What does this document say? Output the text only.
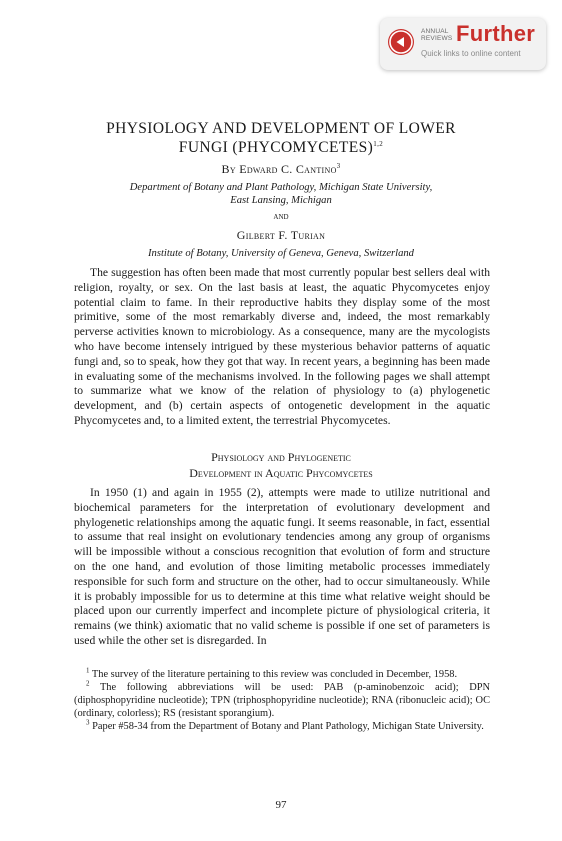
ANNUAL
REVIEWS Further
Quick links to online content
PHYSIOLOGY AND DEVELOPMENT OF LOWER
FUNGI (PHYCOMYCETES)$^{1,2}$
By Edward C. Cantino$^3$
Department of Botany and Plant Pathology, Michigan State University,
East Lansing, Michigan
and
Gilbert F. Turian
Institute of Botany, University of Geneva, Geneva, Switzerland

The suggestion has often been made that most currently popular best sellers deal with religion, royalty, or sex. On the last basis at least, the aquatic Phycomycetes enjoy potential claim to fame. In their reproductive habits they display some of the most primitive, some of the most remarkably diverse and, indeed, the most remarkably perverse activities known to microbiology. As a consequence, many are the mycologists who have become intensely intrigued by these mysterious behavior patterns of aquatic fungi and, so to speak, how they got that way. In recent years, a beginning has been made in evaluating some of the mechanisms involved. In the following pages we shall attempt to summarize what we know of the relation of physiology to (a) phylogenetic development, and (b) certain aspects of ontogenetic development in the aquatic Phycomycetes and, to a limited extent, the terrestrial Phycomycetes.

Physiology and Phylogenetic
Development in Aquatic Phycomycetes

In 1950 (1) and again in 1955 (2), attempts were made to utilize nutritional and biochemical parameters for the interpretation of evolutionary development and phylogenetic relationships among the aquatic fungi. It seems reasonable, in fact, essential to assume that real insight on evolutionary tendencies among any group of organisms will be impossible without a conscious recognition that evolution of form and structure on the one hand, and evolution of those limiting metabolic processes immediately responsible for such form and structure on the other, had to occur simultaneously. While it is probably impossible for us to determine at this time what relative weight should be placed upon our currently imperfect and incomplete picture of physiological criteria, it remains (we think) axiomatic that no valid scheme is possible if one set of parameters is used while the other set is disregarded. In

$^1$ The survey of the literature pertaining to this review was concluded in December, 1958.

$^2$ The following abbreviations will be used: PAB (p-aminobenzoic acid); DPN (diphosphopyridine nucleotide); TPN (triphosphopyridine nucleotide); RNA (ribonucleic acid); OC (ordinary, colorless); RS (resistant sporangium).

$^3$ Paper #58-34 from the Department of Botany and Plant Pathology, Michigan State University.

97
